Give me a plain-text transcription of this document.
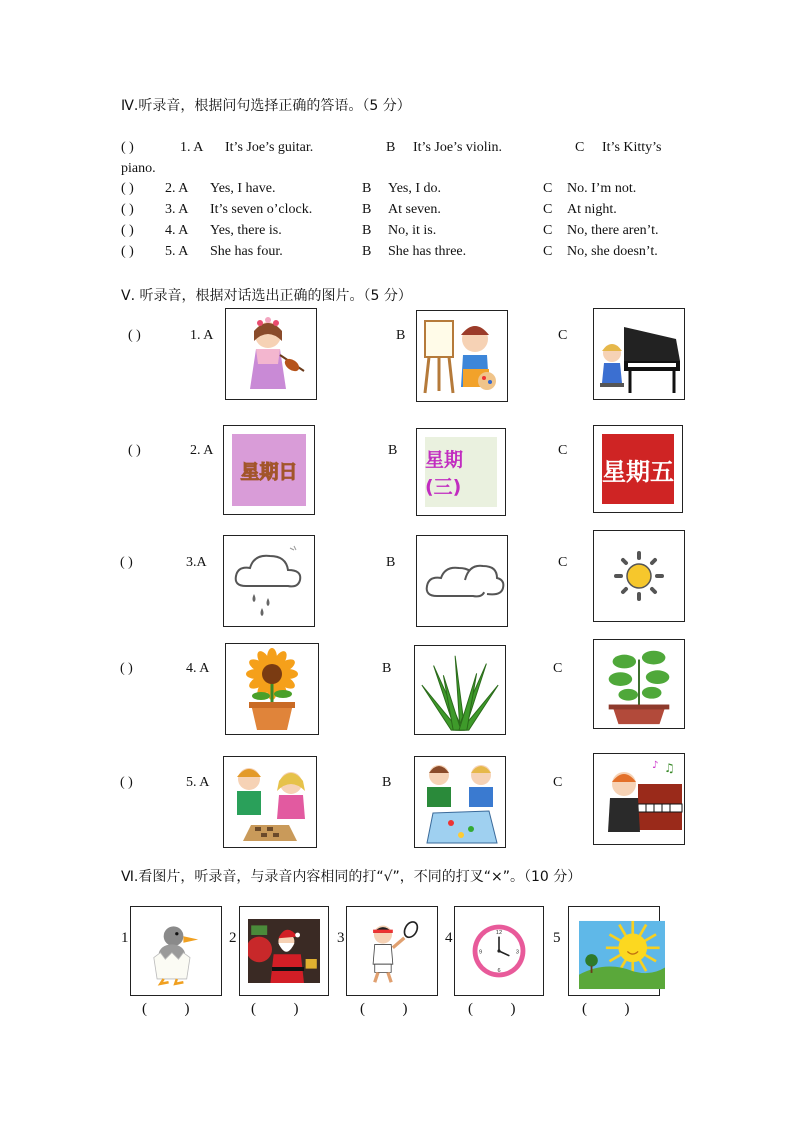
Ⅳ.听录音，根据问句选择正确的答语。（5 分）
( )	1. A It’s Joe’s guitar.	B It’s Joe’s violin.	C It’s Kitty’s
piano.
( ) 2. A Yes, I have.	B Yes, I do.	C No. I’m not.
( ) 3. A It’s seven o’clock.	B At seven.	C At night.
( ) 4. A Yes, there is.	B No, it is.	C No, there aren’t.
( ) 5. A She has four.	B She has three.	C No, she doesn’t.
Ⅴ. 听录音，根据对话选出正确的图片。（5 分）
( )	1. A	B	C
( )	2. A	B	C
星期日
星期(三)
星期五
( )	3.A	B	C
( )	4. A	B	C
( )	5. A	B	C
♫
♪
Ⅵ.看图片，听录音，与录音内容相同的打“√”，不同的打叉“×”。（10 分）
1
(          )
2
(          )
3
(          )
4	12
3
6
9
(          )
5
(          )
